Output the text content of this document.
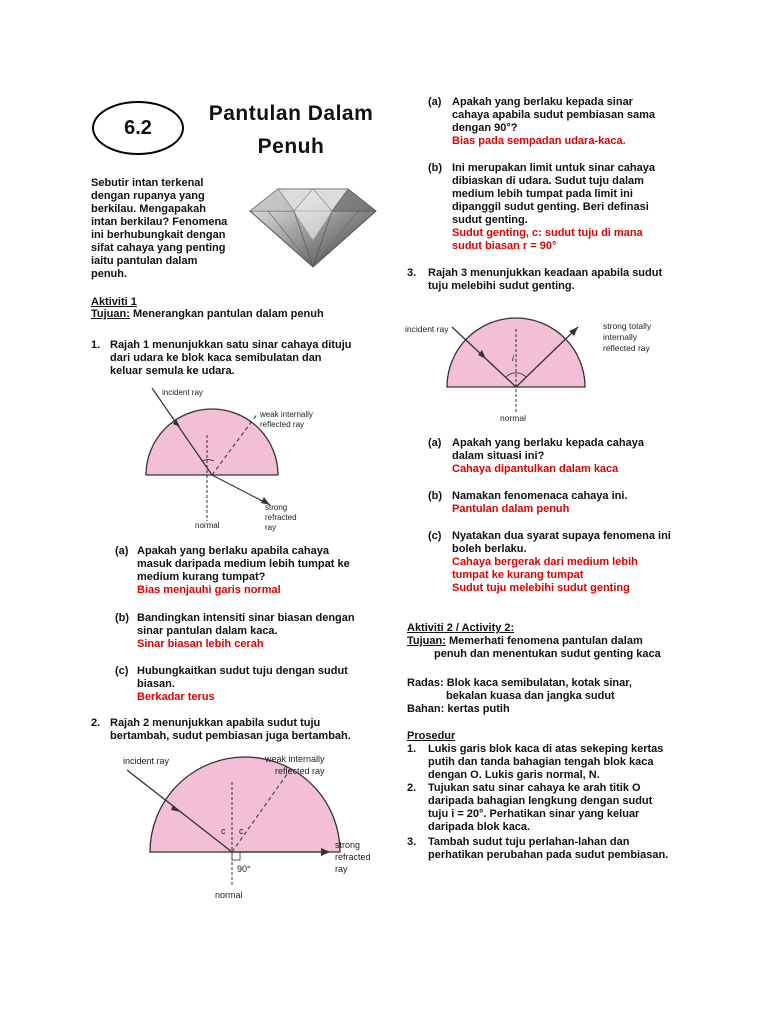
6.2
Pantulan Dalam
Penuh
Sebutir intan terkenal
dengan rupanya yang
berkilau. Mengapakah
intan berkilau? Fenomena
ini berhubungkait dengan
sifat cahaya yang penting
iaitu pantulan dalam
penuh.
Aktiviti 1
Tujuan: Menerangkan pantulan dalam penuh
1. Rajah 1 menunjukkan satu sinar cahaya dituju
dari udara ke blok kaca semibulatan dan
keluar semula ke udara.
incident ray
weak internally
reflected ray
strong
refracted
ray
normal
(a) Apakah yang berlaku apabila cahaya
masuk daripada medium lebih tumpat ke
medium kurang tumpat?
Bias menjauhi garis normal
(b) Bandingkan intensiti sinar biasan dengan
sinar pantulan dalam kaca.
Sinar biasan lebih cerah
(c) Hubungkaitkan sudut tuju dengan sudut
biasan.
Berkadar terus
2. Rajah 2 menunjukkan apabila sudut tuju
bertambah, sudut pembiasan juga bertambah.
incident ray	weak internally
reflected ray
c c
90°
strong
refracted
ray
normal
(a) Apakah yang berlaku kepada sinar
cahaya apabila sudut pembiasan sama
dengan 90°?
Bias pada sempadan udara-kaca.
(b) Ini merupakan limit untuk sinar cahaya
dibiaskan di udara. Sudut tuju dalam
medium lebih tumpat pada limit ini
dipanggil sudut genting. Beri definasi
sudut genting.
Sudut genting, c: sudut tuju di mana
sudut biasan r = 90°
3. Rajah 3 menunjukkan keadaan apabila sudut
tuju melebihi sudut genting.
incident ray	strong totally
internally
reflected ray
i
normal
(a) Apakah yang berlaku kepada cahaya
dalam situasi ini?
Cahaya dipantulkan dalam kaca
(b) Namakan fenomenaca cahaya ini.
Pantulan dalam penuh
(c) Nyatakan dua syarat supaya fenomena ini
boleh berlaku.
Cahaya bergerak dari medium lebih
tumpat ke kurang tumpat
Sudut tuju melebihi sudut genting
Aktiviti 2 / Activity 2:
Tujuan: Memerhati fenomena pantulan dalam
penuh dan menentukan sudut genting kaca
Radas: Blok kaca semibulatan, kotak sinar,
bekalan kuasa dan jangka sudut
Bahan: kertas putih
Prosedur
1. Lukis garis blok kaca di atas sekeping kertas
putih dan tanda bahagian tengah blok kaca
dengan O. Lukis garis normal, N.
2. Tujukan satu sinar cahaya ke arah titik O
daripada bahagian lengkung dengan sudut
tuju i = 20°. Perhatikan sinar yang keluar
daripada blok kaca.
3. Tambah sudut tuju perlahan-lahan dan
perhatikan perubahan pada sudut pembiasan.
